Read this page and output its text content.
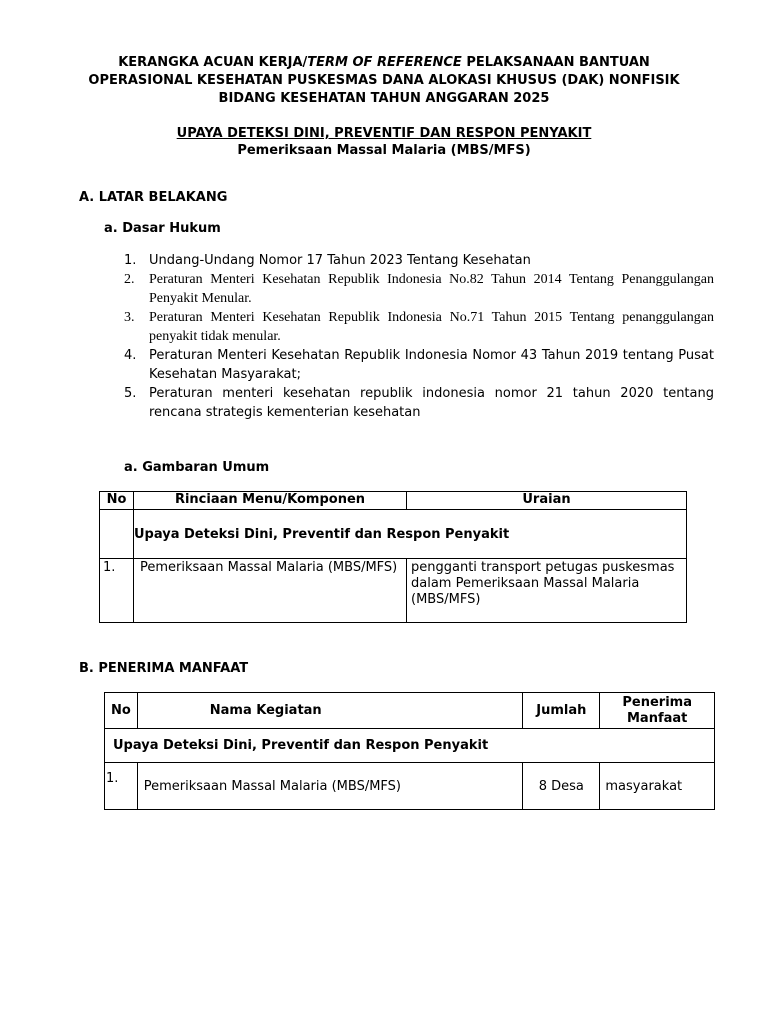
KERANGKA ACUAN KERJA/TERM OF REFERENCE PELAKSANAAN BANTUAN
OPERASIONAL KESEHATAN PUSKESMAS DANA ALOKASI KHUSUS (DAK) NONFISIK
BIDANG KESEHATAN TAHUN ANGGARAN 2025
UPAYA DETEKSI DINI, PREVENTIF DAN RESPON PENYAKIT
Pemeriksaan Massal Malaria (MBS/MFS)
A. LATAR BELAKANG
a. Dasar Hukum
1. Undang-Undang Nomor 17 Tahun 2023 Tentang Kesehatan
2. Peraturan Menteri Kesehatan Republik Indonesia No.82 Tahun 2014 Tentang Penanggulangan Penyakit Menular.
3. Peraturan Menteri Kesehatan Republik Indonesia No.71 Tahun 2015 Tentang penanggulangan penyakit tidak menular.
4. Peraturan Menteri Kesehatan Republik Indonesia Nomor 43 Tahun 2019 tentang Pusat Kesehatan Masyarakat;
5. Peraturan menteri kesehatan republik indonesia nomor 21 tahun 2020 tentang rencana strategis kementerian kesehatan
a. Gambaran Umum
No	Rinciaan Menu/Komponen	Uraian
	Upaya Deteksi Dini, Preventif dan Respon Penyakit	
1.	Pemeriksaan Massal Malaria (MBS/MFS)	pengganti transport petugas puskesmas dalam Pemeriksaan Massal Malaria (MBS/MFS)
B. PENERIMA MANFAAT
No	Nama Kegiatan	Jumlah	Penerima Manfaat
Upaya Deteksi Dini, Preventif dan Respon Penyakit			
1.	Pemeriksaan Massal Malaria (MBS/MFS)	8 Desa	masyarakat
